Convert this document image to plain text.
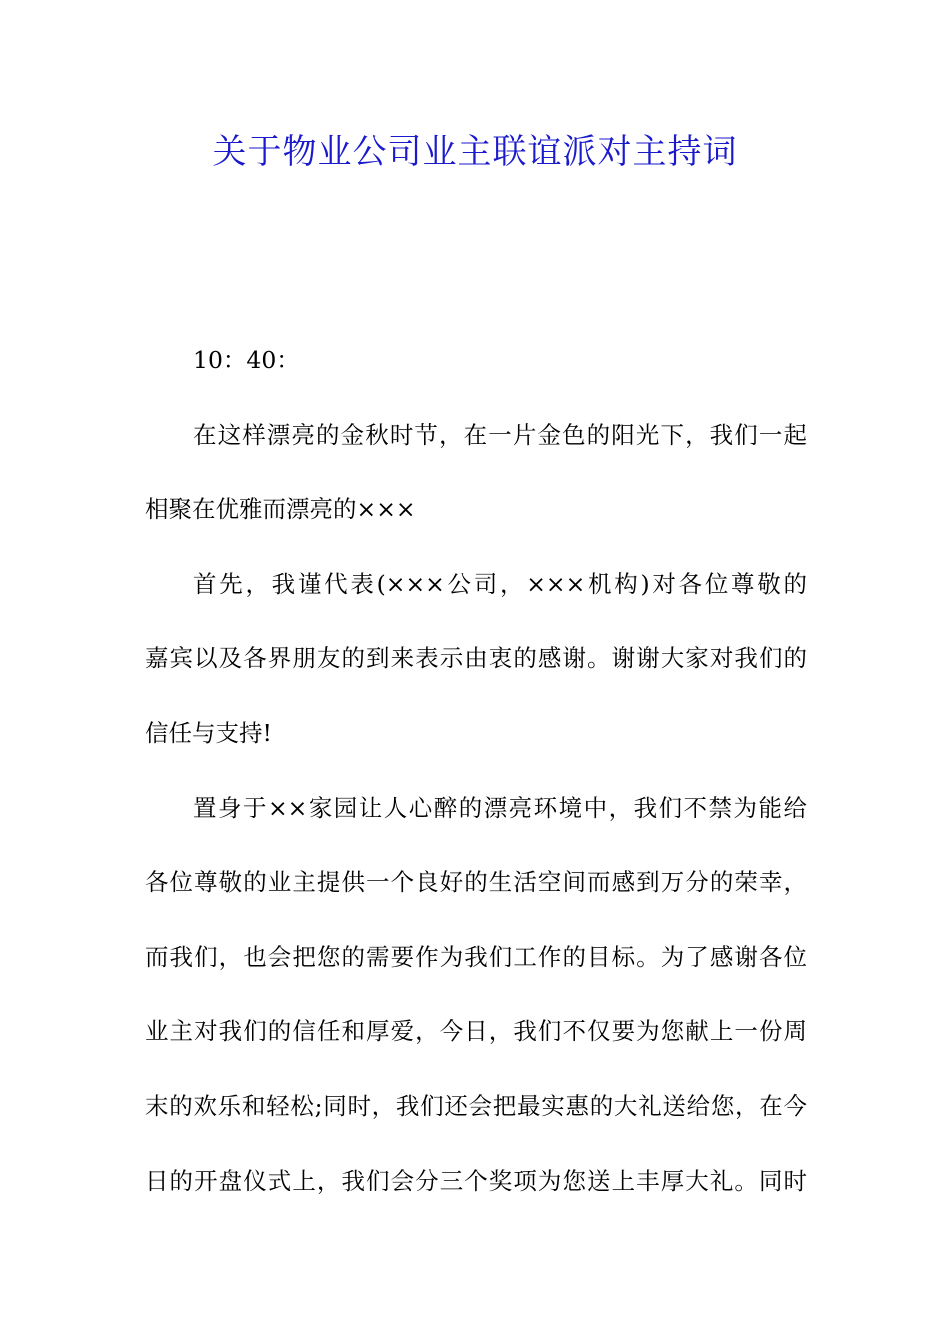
关于物业公司业主联谊派对主持词
10：40：
在这样漂亮的金秋时节，在一片金色的阳光下，我们一起
相聚在优雅而漂亮的×××
首先，我谨代表(×××公司，×××机构)对各位尊敬的
嘉宾以及各界朋友的到来表示由衷的感谢。谢谢大家对我们的
信任与支持!
置身于××家园让人心醉的漂亮环境中，我们不禁为能给
各位尊敬的业主提供一个良好的生活空间而感到万分的荣幸，
而我们，也会把您的需要作为我们工作的目标。为了感谢各位
业主对我们的信任和厚爱，今日，我们不仅要为您献上一份周
末的欢乐和轻松;同时，我们还会把最实惠的大礼送给您，在今
日的开盘仪式上，我们会分三个奖项为您送上丰厚大礼。同时
